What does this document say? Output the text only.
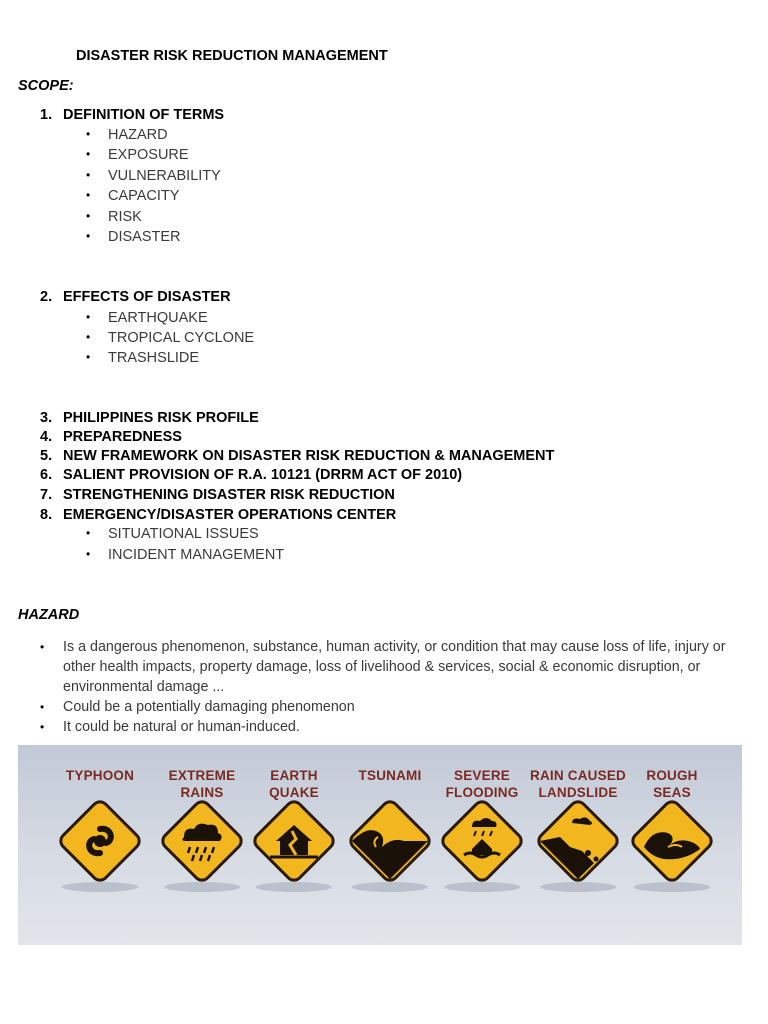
DISASTER RISK REDUCTION MANAGEMENT
SCOPE:
1. DEFINITION OF TERMS
• HAZARD
• EXPOSURE
• VULNERABILITY
• CAPACITY
• RISK
• DISASTER
2. EFFECTS OF DISASTER
• EARTHQUAKE
• TROPICAL CYCLONE
• TRASHSLIDE
3. PHILIPPINES RISK PROFILE
4. PREPAREDNESS
5. NEW FRAMEWORK ON DISASTER RISK REDUCTION & MANAGEMENT
6. SALIENT PROVISION OF R.A. 10121 (DRRM ACT OF 2010)
7. STRENGTHENING DISASTER RISK REDUCTION
8. EMERGENCY/DISASTER OPERATIONS CENTER
• SITUATIONAL ISSUES
• INCIDENT MANAGEMENT
HAZARD
• Is a dangerous phenomenon, substance, human activity, or condition that may cause loss of life, injury or other health impacts, property damage, loss of livelihood & services, social & economic disruption, or environmental damage ...
• Could be a potentially damaging phenomenon
• It could be natural or human-induced.
TYPHOON	EXTREME
RAINS
EARTH
QUAKE
TSUNAMI	SEVERE
FLOODING
RAIN CAUSED
LANDSLIDE
ROUGH
SEAS
